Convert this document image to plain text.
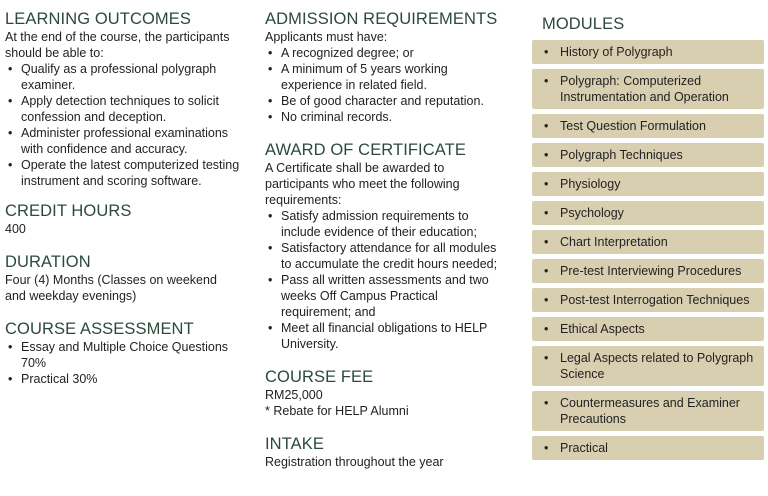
LEARNING OUTCOMES

At the end of the course, the participants should be able to:

• Qualify as a professional polygraph examiner.
• Apply detection techniques to solicit confession and deception.
• Administer professional examinations with confidence and accuracy.
• Operate the latest computerized testing instrument and scoring software.
CREDIT HOURS

400

DURATION

Four (4) Months (Classes on weekend and weekday evenings)

COURSE ASSESSMENT
• Essay and Multiple Choice Questions 70%
• Practical 30%
ADMISSION REQUIREMENTS

Applicants must have:

• A recognized degree; or
• A minimum of 5 years working experience in related field.
• Be of good character and reputation.
• No criminal records.
AWARD OF CERTIFICATE

A Certificate shall be awarded to participants who meet the following requirements:

• Satisfy admission requirements to include evidence of their education;
• Satisfactory attendance for all modules to accumulate the credit hours needed;
• Pass all written assessments and two weeks Off Campus Practical requirement; and
• Meet all financial obligations to HELP University.
COURSE FEE

RM25,000

* Rebate for HELP Alumni

INTAKE

Registration throughout the year

MODULES
• History of Polygraph
• Polygraph: Computerized Instrumentation and Operation
• Test Question Formulation
• Polygraph Techniques
• Physiology
• Psychology
• Chart Interpretation
• Pre-test Interviewing Procedures
• Post-test Interrogation Techniques
• Ethical Aspects
• Legal Aspects related to Polygraph Science
• Countermeasures and Examiner Precautions
• Practical
